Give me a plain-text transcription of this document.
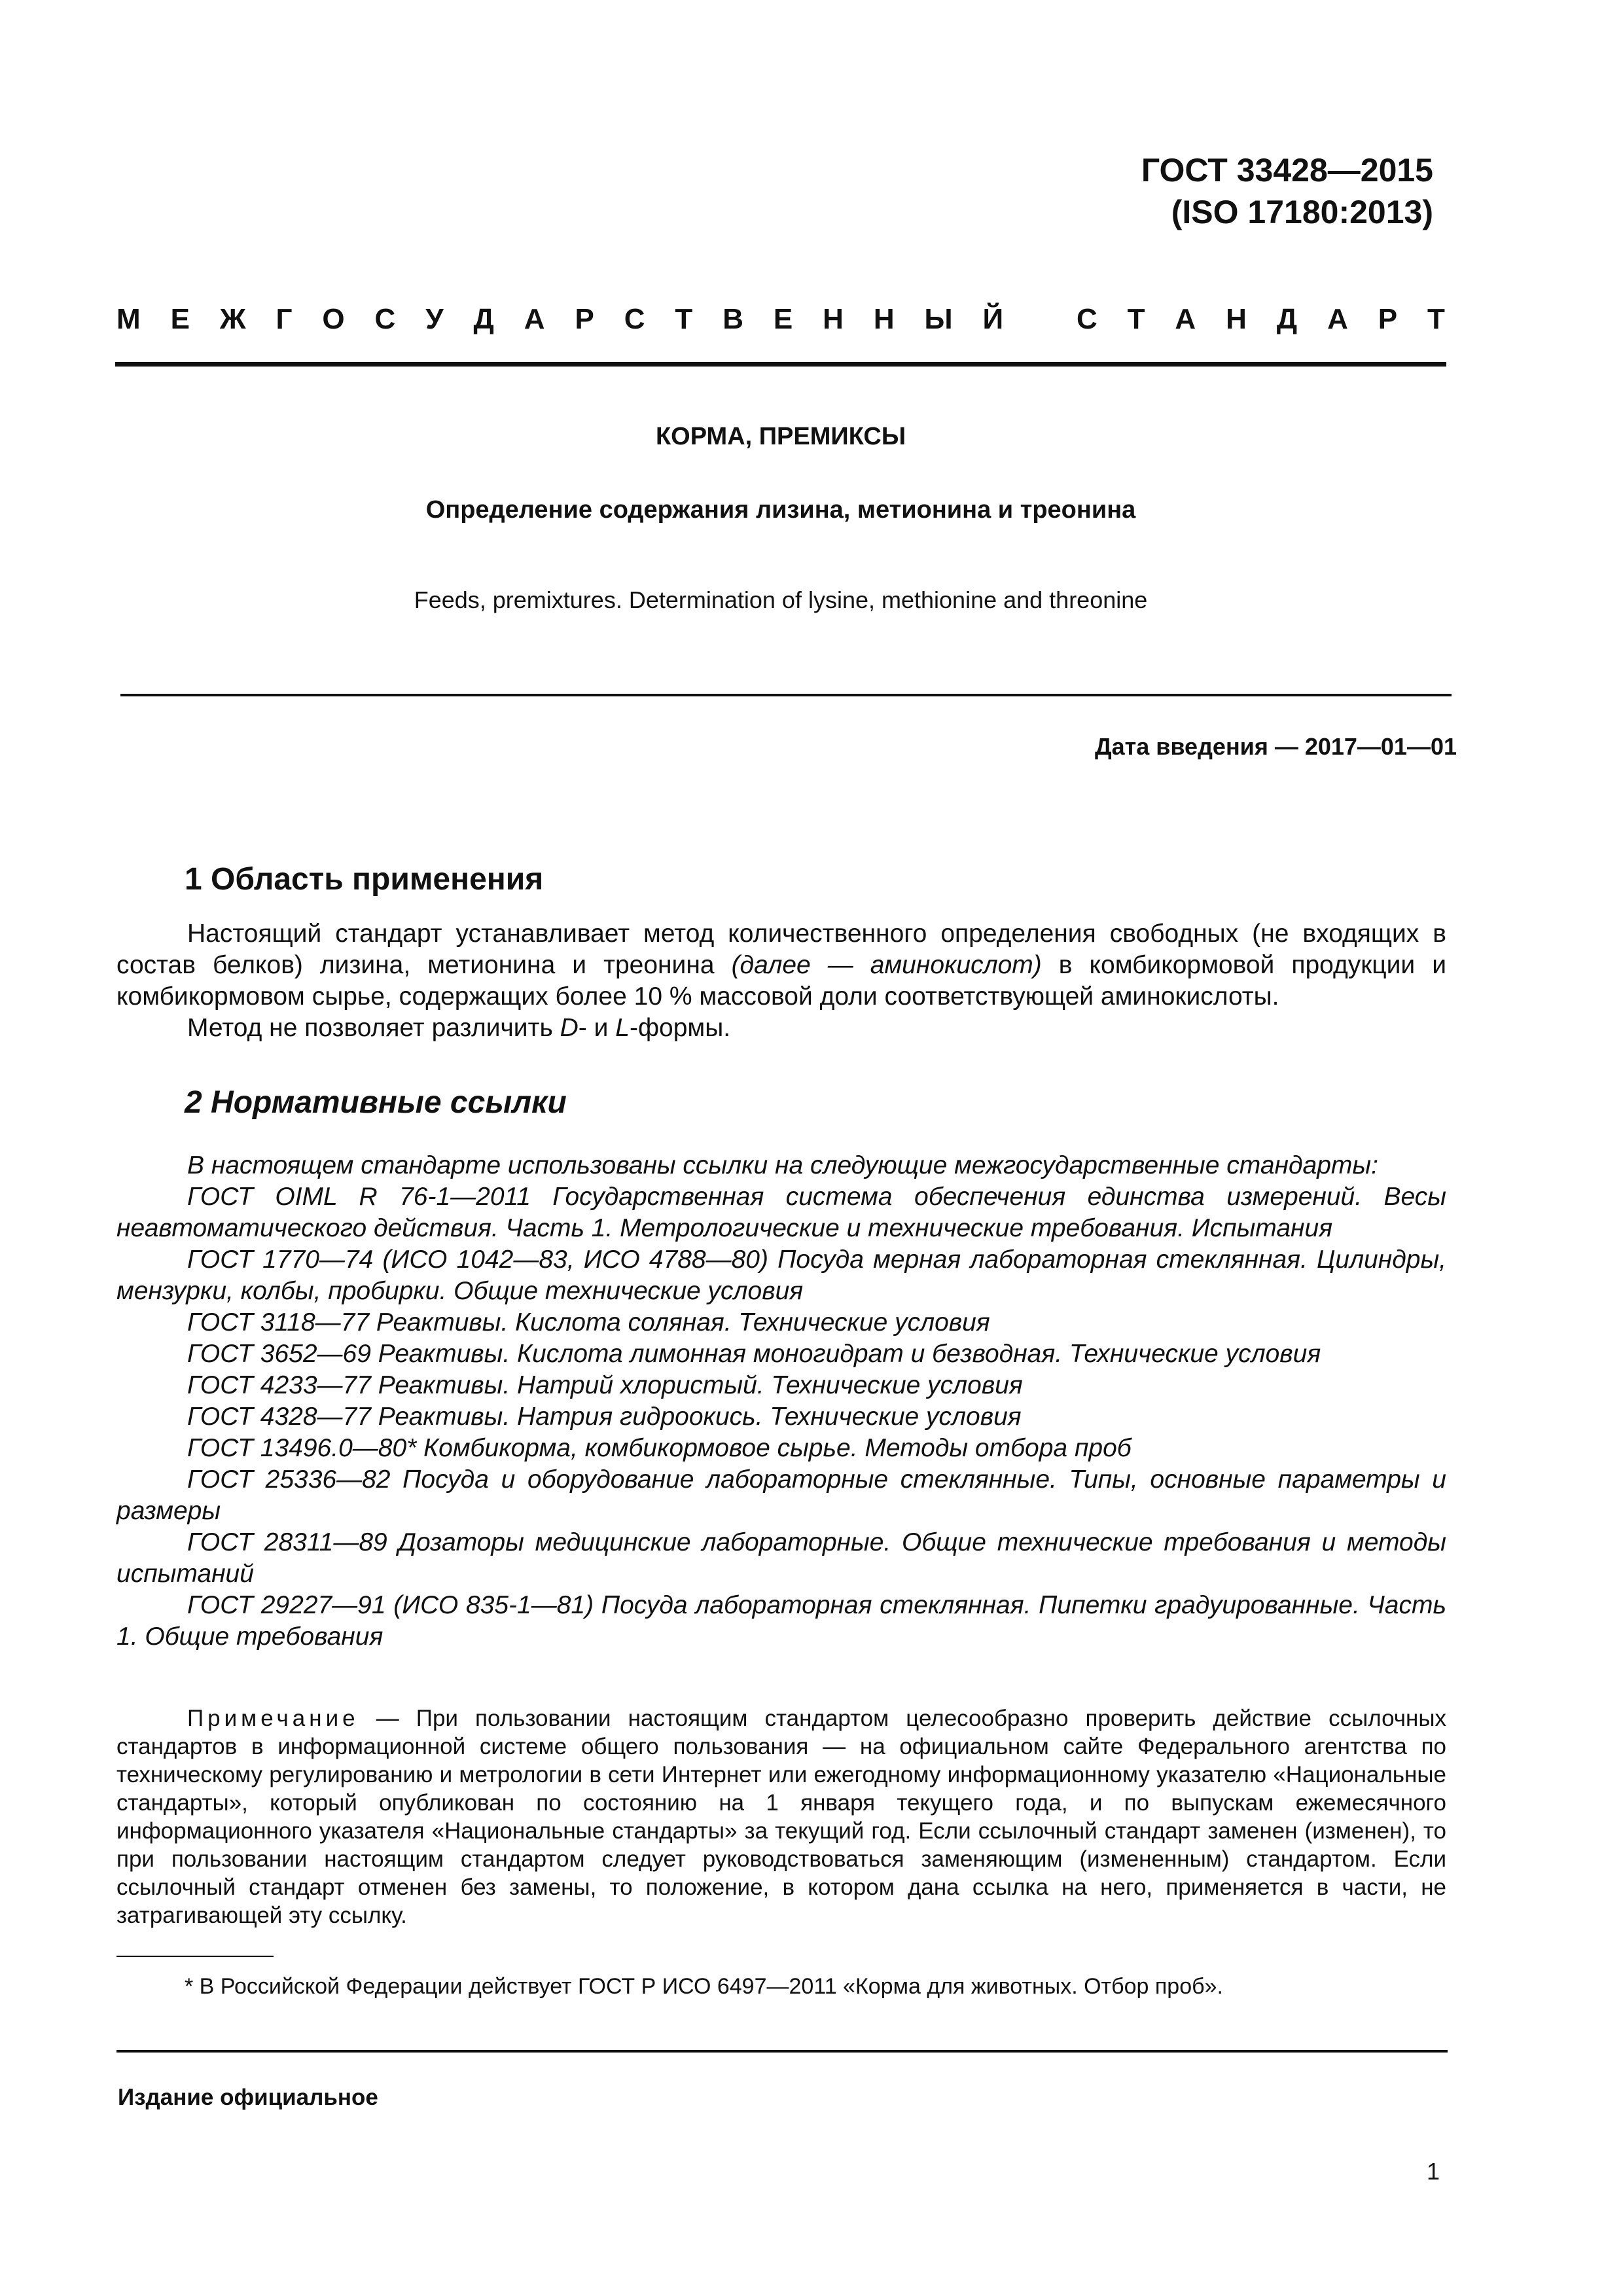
ГОСТ 33428—2015
(ISO 17180:2013)
М Е Ж Г О С У Д А Р С Т В Е Н Н Ы Й	С Т А Н Д А Р Т
КОРМА, ПРЕМИКСЫ
Определение содержания лизина, метионина и треонина
Feeds, premixtures. Determination of lysine, methionine and threonine
Дата введения — 2017—01—01
1 Область применения

Настоящий стандарт устанавливает метод количественного определения свободных (не входящих в состав белков) лизина, метионина и треонина (далее — аминокислот) в комбикормовой продукции и комбикормовом сырье, содержащих более 10 % массовой доли соответствующей аминокислоты.

Метод не позволяет различить D- и L-формы.

2 Нормативные ссылки

В настоящем стандарте использованы ссылки на следующие межгосударственные стандарты:

ГОСТ OIML R 76-1—2011 Государственная система обеспечения единства измерений. Весы неавтоматического действия. Часть 1. Метрологические и технические требования. Испытания

ГОСТ 1770—74 (ИСО 1042—83, ИСО 4788—80) Посуда мерная лабораторная стеклянная. Цилиндры, мензурки, колбы, пробирки. Общие технические условия

ГОСТ 3118—77 Реактивы. Кислота соляная. Технические условия

ГОСТ 3652—69 Реактивы. Кислота лимонная моногидрат и безводная. Технические условия

ГОСТ 4233—77 Реактивы. Натрий хлористый. Технические условия

ГОСТ 4328—77 Реактивы. Натрия гидроокись. Технические условия

ГОСТ 13496.0—80* Комбикорма, комбикормовое сырье. Методы отбора проб

ГОСТ 25336—82 Посуда и оборудование лабораторные стеклянные. Типы, основные параметры и размеры

ГОСТ 28311—89 Дозаторы медицинские лабораторные. Общие технические требования и методы испытаний

ГОСТ 29227—91 (ИСО 835-1—81) Посуда лабораторная стеклянная. Пипетки градуированные. Часть 1. Общие требования

Примечание — При пользовании настоящим стандартом целесообразно проверить действие ссылочных стандартов в информационной системе общего пользования — на официальном сайте Федерального агентства по техническому регулированию и метрологии в сети Интернет или ежегодному информационному указателю «Национальные стандарты», который опубликован по состоянию на 1 января текущего года, и по выпускам ежемесячного информационного указателя «Национальные стандарты» за текущий год. Если ссылочный стандарт заменен (изменен), то при пользовании настоящим стандартом следует руководствоваться заменяющим (измененным) стандартом. Если ссылочный стандарт отменен без замены, то положение, в котором дана ссылка на него, применяется в части, не затрагивающей эту ссылку.

* В Российской Федерации действует ГОСТ Р ИСО 6497—2011 «Корма для животных. Отбор проб».
Издание официальное
1
